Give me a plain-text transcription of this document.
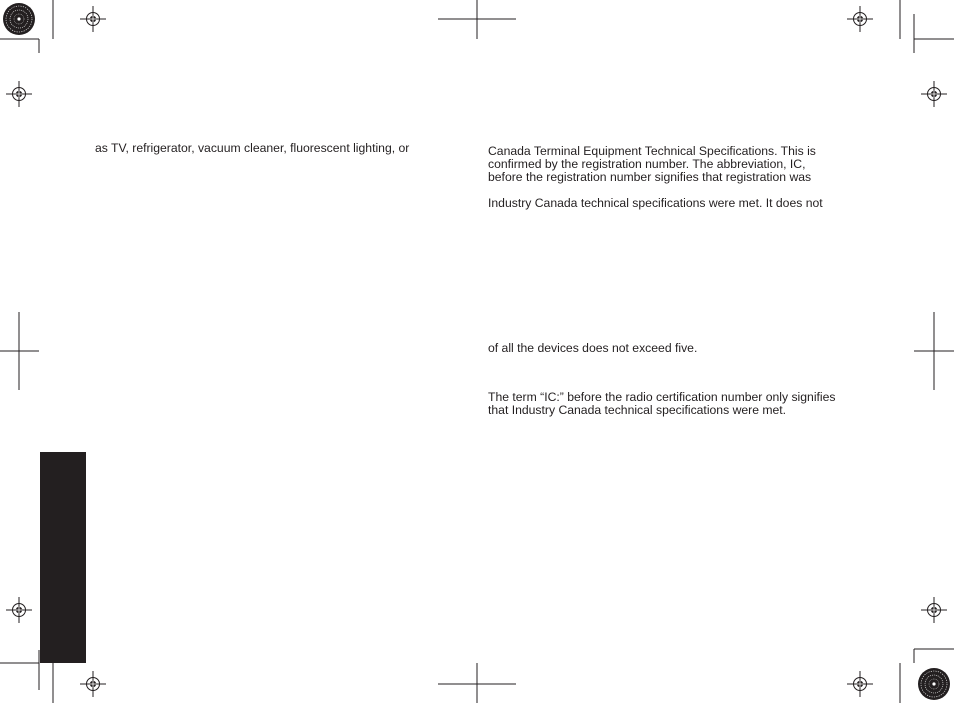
as TV, refrigerator, vacuum cleaner, fluorescent lighting, or	Canada Terminal Equipment Technical Specifications. This is

confirmed by the registration number. The abbreviation, IC,

before the registration number signifies that registration was

Industry Canada technical specifications were met. It does not

of all the devices does not exceed five.

The term “IC:” before the radio certification number only signifies

that Industry Canada technical specifications were met.
